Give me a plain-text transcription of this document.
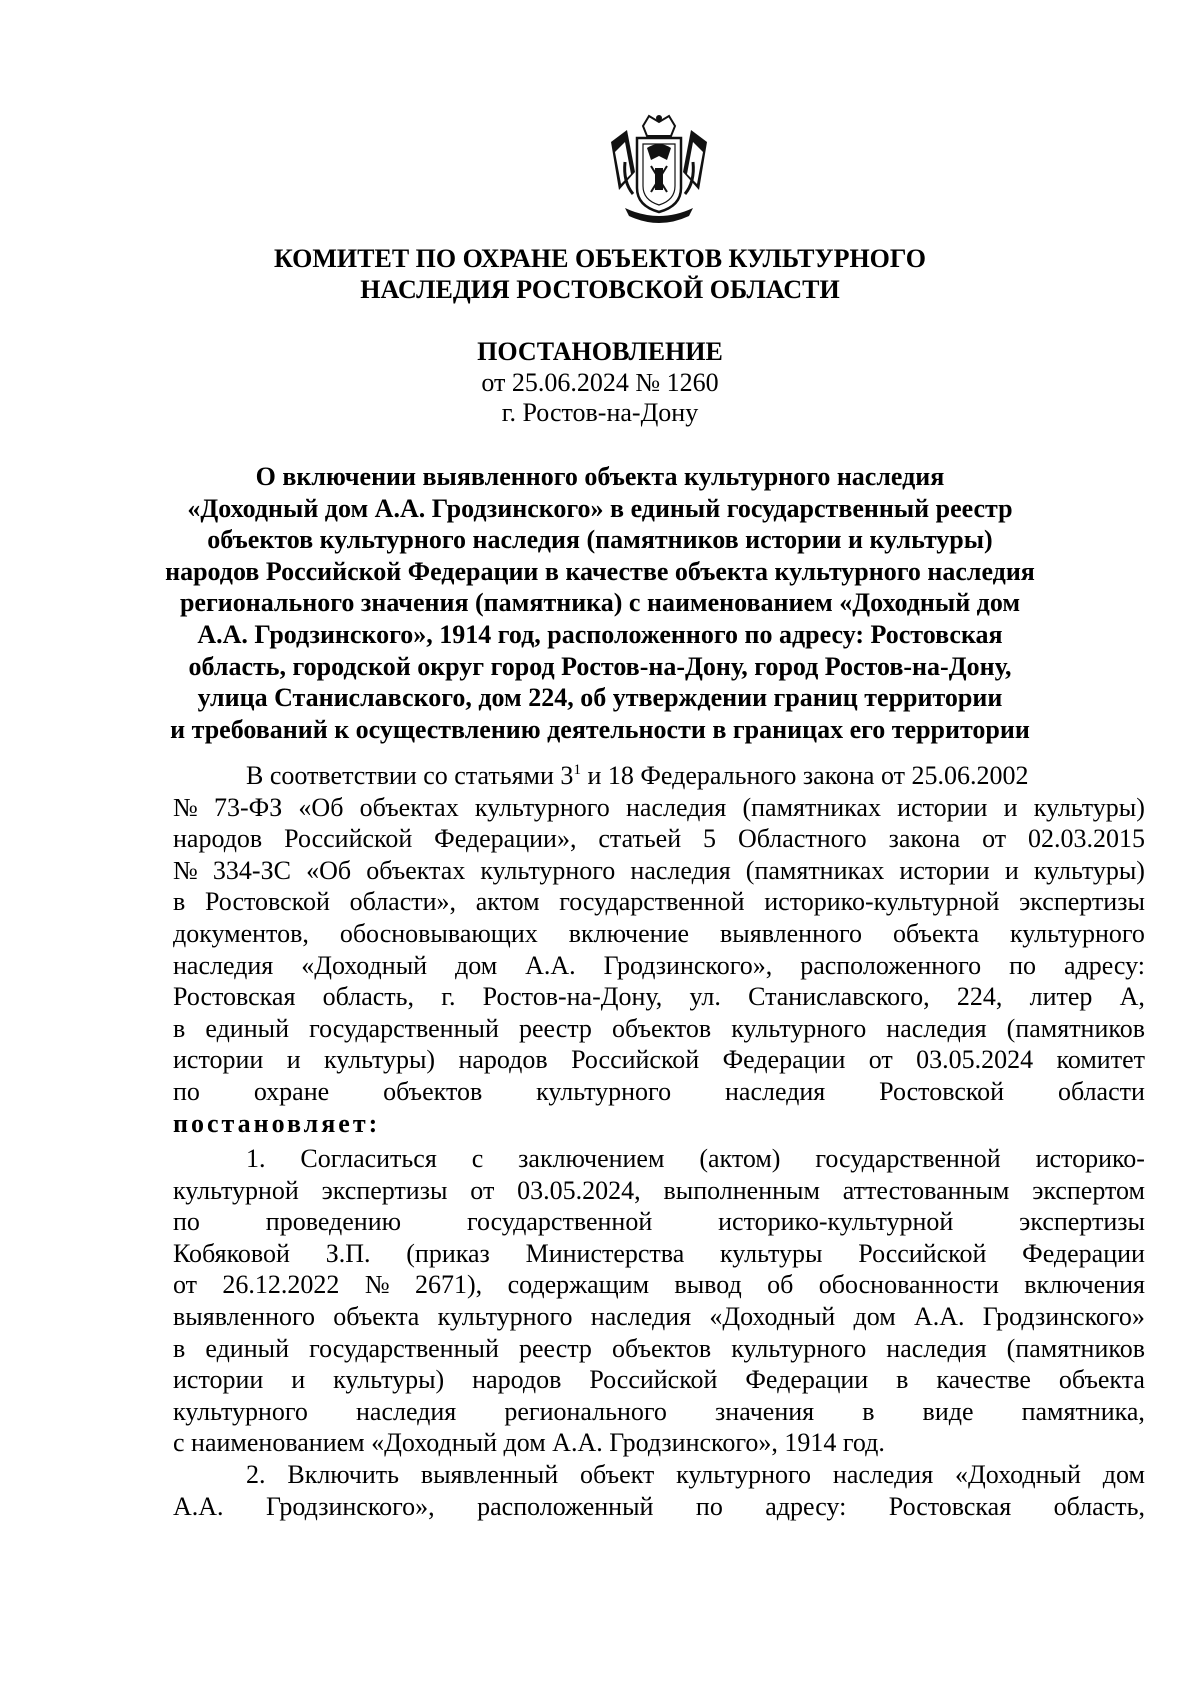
КОМИТЕТ ПО ОХРАНЕ ОБЪЕКТОВ КУЛЬТУРНОГО
НАСЛЕДИЯ РОСТОВСКОЙ ОБЛАСТИ
ПОСТАНОВЛЕНИЕ
от 25.06.2024 № 1260
г. Ростов-на-Дону
О включении выявленного объекта культурного наследия
«Доходный дом А.А. Гродзинского» в единый государственный реестр
объектов культурного наследия (памятников истории и культуры)
народов Российской Федерации в качестве объекта культурного наследия
регионального значения (памятника) с наименованием «Доходный дом
А.А. Гродзинского», 1914 год, расположенного по адресу: Ростовская
область, городской округ город Ростов-на-Дону, город Ростов-на-Дону,
улица Станиславского, дом 224, об утверждении границ территории
и требований к осуществлению деятельности в границах его территории
В соответствии со статьями $3^1$ и 18 Федерального закона от 25.06.2002
№ 73-ФЗ «Об объектах культурного наследия (памятниках истории и культуры)
народов Российской Федерации», статьей 5 Областного закона от 02.03.2015
№ 334-ЗС «Об объектах культурного наследия (памятниках истории и культуры)
в Ростовской области», актом государственной историко-культурной экспертизы
документов, обосновывающих включение выявленного объекта культурного
наследия «Доходный дом А.А. Гродзинского», расположенного по адресу:
Ростовская область, г. Ростов-на-Дону, ул. Станиславского, 224, литер А,
в единый государственный реестр объектов культурного наследия (памятников
истории и культуры) народов Российской Федерации от 03.05.2024 комитет
по охране объектов культурного наследия Ростовской области
постановляет:
1. Согласиться с заключением (актом) государственной историко-
культурной экспертизы от 03.05.2024, выполненным аттестованным экспертом
по	проведению	государственной	историко-культурной	экспертизы
Кобяковой З.П. (приказ Министерства культуры Российской Федерации
от 26.12.2022 № 2671), содержащим вывод об обоснованности включения
выявленного объекта культурного наследия «Доходный дом А.А. Гродзинского»
в единый государственный реестр объектов культурного наследия (памятников
истории и культуры) народов Российской Федерации в качестве объекта
культурного наследия регионального значения в виде памятника,
с наименованием «Доходный дом А.А. Гродзинского», 1914 год.
2. Включить выявленный объект культурного наследия «Доходный дом
А.А. Гродзинского», расположенный по адресу: Ростовская область,
